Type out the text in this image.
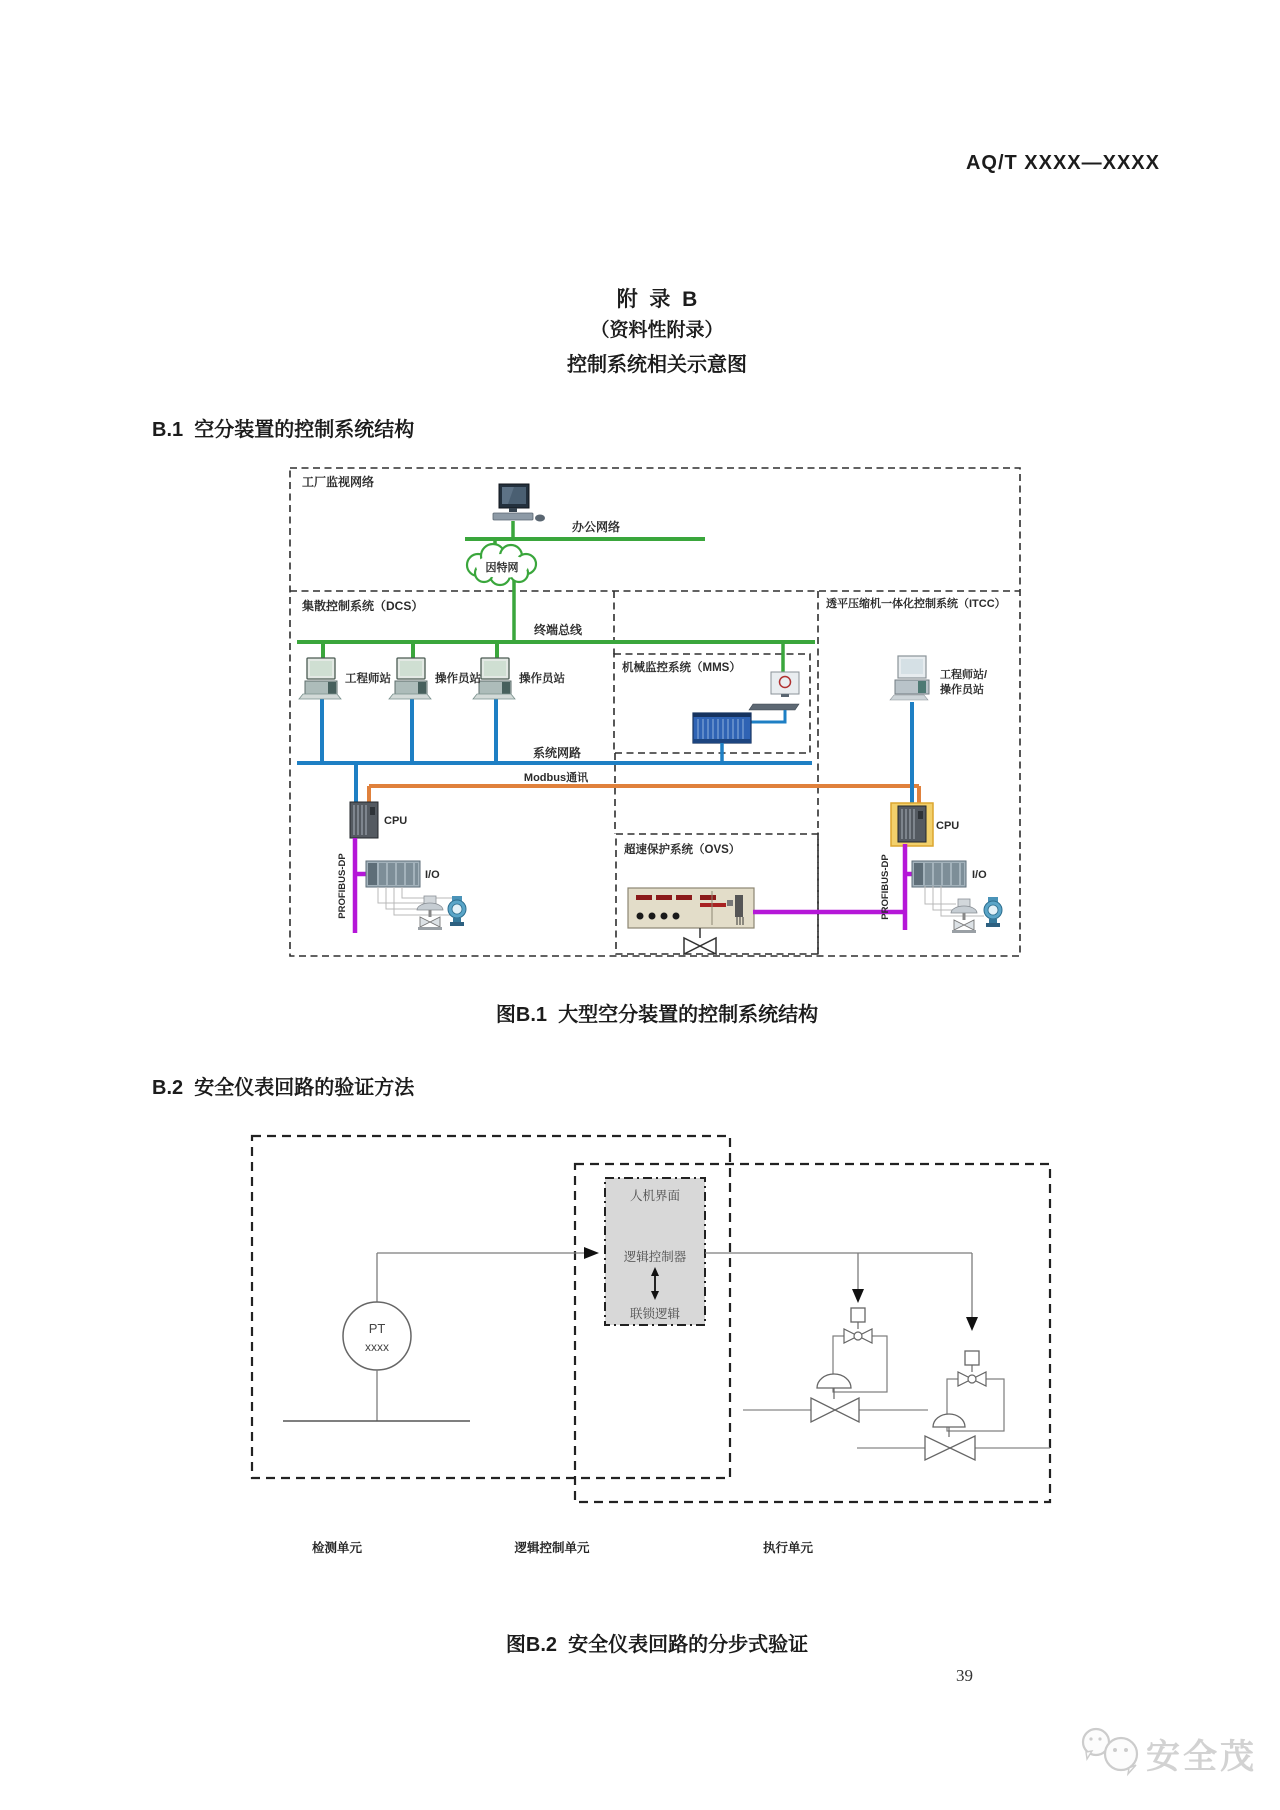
AQ/T XXXX—XXXX
附  录  B
（资料性附录）
控制系统相关示意图
B.1  空分装置的控制系统结构
因特网
工厂监视网络
办公网络
集散控制系统（DCS）
终端总线
工程师站	操作员站	操作员站
机械监控系统（MMS）
透平压缩机一体化控制系统（ITCC）
工程师站/
操作员站
系统网路
Modbus通讯
CPU	CPU
I/O	I/O
PROFIBUS-DP	PROFIBUS-DP
超速保护系统（OVS）
图B.1  大型空分装置的控制系统结构
B.2  安全仪表回路的验证方法
人机界面
逻辑控制器
联锁逻辑
PT
xxxx
检测单元	逻辑控制单元	执行单元
图B.2  安全仪表回路的分步式验证
39
安全茂
